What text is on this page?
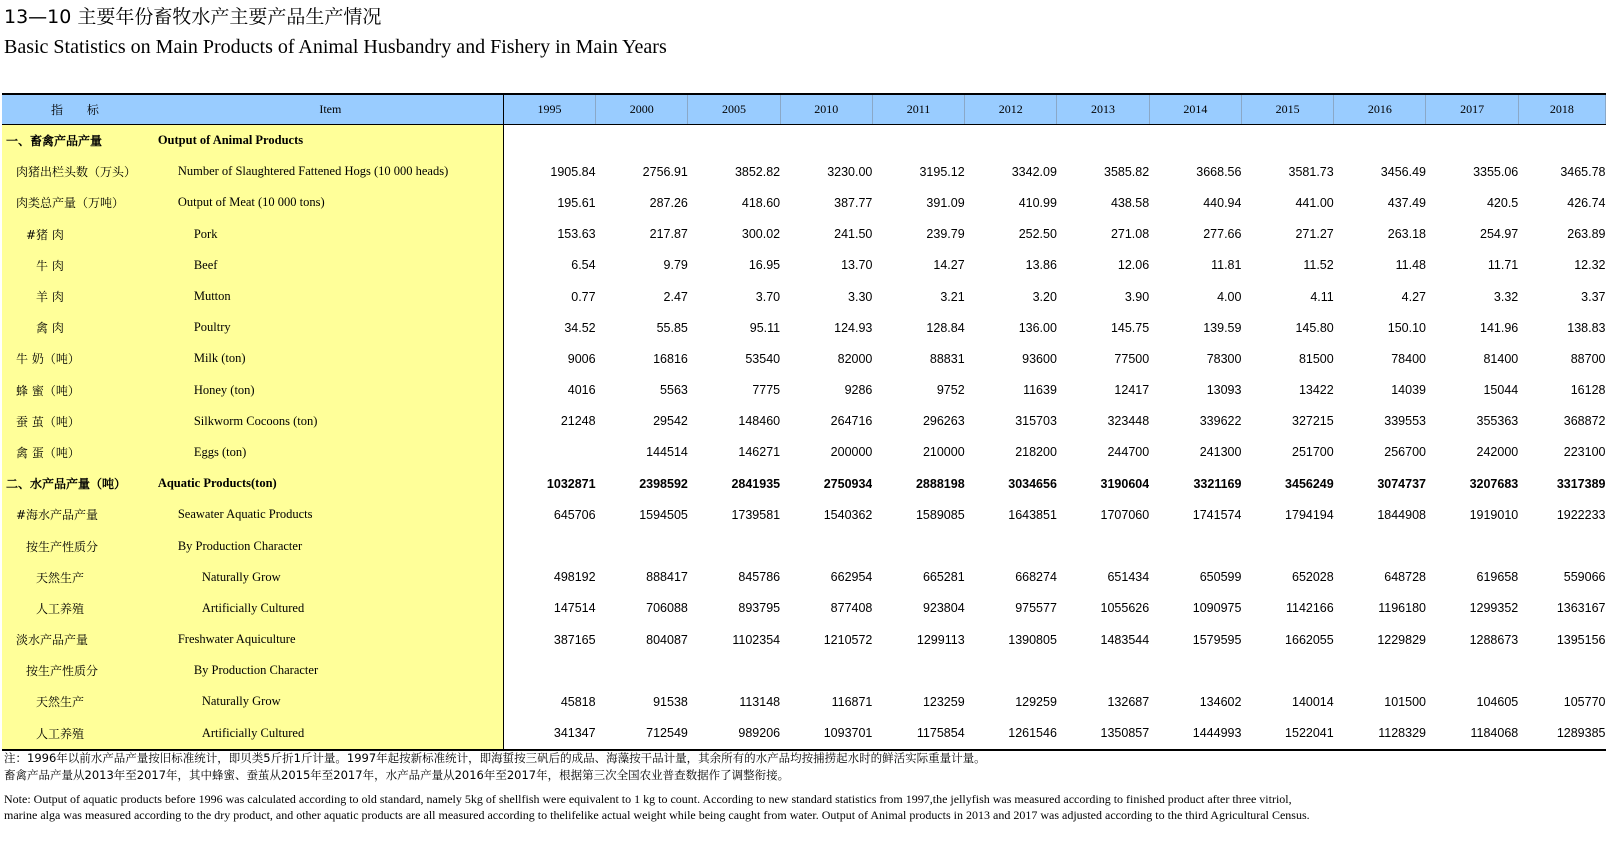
13—10 主要年份畜牧水产主要产品生产情况
Basic Statistics on Main Products of Animal Husbandry and Fishery in Main Years
指 标	Item	1995	2000	2005	2010	2011	2012	2013	2014	2015	2016	2017	2018
一、畜禽产品产量	Output of Animal Products												
肉猪出栏头数（万头）	Number of Slaughtered Fattened Hogs (10 000 heads)	1905.84	2756.91	3852.82	3230.00	3195.12	3342.09	3585.82	3668.56	3581.73	3456.49	3355.06	3465.78
肉类总产量（万吨）	Output of Meat (10 000 tons)	195.61	287.26	418.60	387.77	391.09	410.99	438.58	440.94	441.00	437.49	420.5	426.74
#猪 肉	Pork	153.63	217.87	300.02	241.50	239.79	252.50	271.08	277.66	271.27	263.18	254.97	263.89
牛 肉	Beef	6.54	9.79	16.95	13.70	14.27	13.86	12.06	11.81	11.52	11.48	11.71	12.32
羊 肉	Mutton	0.77	2.47	3.70	3.30	3.21	3.20	3.90	4.00	4.11	4.27	3.32	3.37
禽 肉	Poultry	34.52	55.85	95.11	124.93	128.84	136.00	145.75	139.59	145.80	150.10	141.96	138.83
牛 奶（吨）	Milk (ton)	9006	16816	53540	82000	88831	93600	77500	78300	81500	78400	81400	88700
蜂 蜜（吨）	Honey (ton)	4016	5563	7775	9286	9752	11639	12417	13093	13422	14039	15044	16128
蚕 茧（吨）	Silkworm Cocoons (ton)	21248	29542	148460	264716	296263	315703	323448	339622	327215	339553	355363	368872
禽 蛋（吨）	Eggs (ton)		144514	146271	200000	210000	218200	244700	241300	251700	256700	242000	223100
二、水产品产量（吨）	Aquatic Products(ton)	1032871	2398592	2841935	2750934	2888198	3034656	3190604	3321169	3456249	3074737	3207683	3317389
#海水产品产量	Seawater Aquatic Products	645706	1594505	1739581	1540362	1589085	1643851	1707060	1741574	1794194	1844908	1919010	1922233
按生产性质分	By Production Character												
天然生产	Naturally Grow	498192	888417	845786	662954	665281	668274	651434	650599	652028	648728	619658	559066
人工养殖	Artificially Cultured	147514	706088	893795	877408	923804	975577	1055626	1090975	1142166	1196180	1299352	1363167
淡水产品产量	Freshwater Aquiculture	387165	804087	1102354	1210572	1299113	1390805	1483544	1579595	1662055	1229829	1288673	1395156
按生产性质分	By Production Character												
天然生产	Naturally Grow	45818	91538	113148	116871	123259	129259	132687	134602	140014	101500	104605	105770
人工养殖	Artificially Cultured	341347	712549	989206	1093701	1175854	1261546	1350857	1444993	1522041	1128329	1184068	1289385
注：1996年以前水产品产量按旧标准统计，即贝类5斤折1斤计量。1997年起按新标准统计，即海蜇按三矾后的成品、海藻按干品计量，其余所有的水产品均按捕捞起水时的鲜活实际重量计量。
畜禽产品产量从2013年至2017年，其中蜂蜜、蚕茧从2015年至2017年，水产品产量从2016年至2017年，根据第三次全国农业普查数据作了调整衔接。
Note: Output of aquatic products before 1996 was calculated according to old standard, namely 5kg of shellfish were equivalent to 1 kg to count. According to new standard statistics from 1997,the jellyfish was measured according to finished product after three vitriol,
marine alga was measured according to the dry product, and other aquatic products are all measured according to thelifelike actual weight while being caught from water. Output of Animal products in 2013 and 2017 was adjusted according to the third Agricultural Census.
